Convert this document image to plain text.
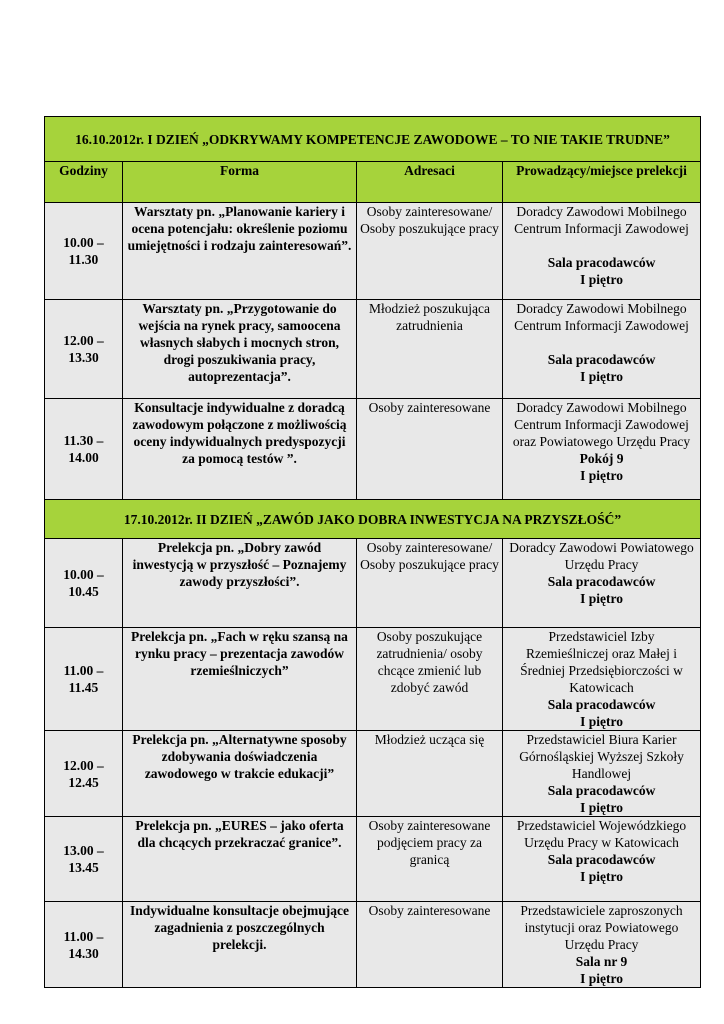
16.10.2012r. I DZIEŃ „ODKRYWAMY KOMPETENCJE ZAWODOWE – TO NIE TAKIE TRUDNE”			
Godziny	Forma	Adresaci	Prowadzący/miejsce prelekcji
10.00 – 11.30	Warsztaty pn. „Planowanie kariery i ocena potencjału: określenie poziomu umiejętności i rodzaju zainteresowań”.	Osoby zainteresowane/ Osoby poszukujące pracy	Doradcy Zawodowi Mobilnego Centrum Informacji Zawodowej
Sala pracodawców
I piętro

12.00 – 13.30	Warsztaty pn. „Przygotowanie do wejścia na rynek pracy, samoocena własnych słabych i mocnych stron, drogi poszukiwania pracy, autoprezentacja”.	Młodzież poszukująca zatrudnienia	Doradcy Zawodowi Mobilnego Centrum Informacji Zawodowej
Sala pracodawców
I piętro

11.30 – 14.00	Konsultacje indywidualne z doradcą zawodowym połączone z możliwością oceny indywidualnych predyspozycji za pomocą testów ”.	Osoby zainteresowane	Doradcy Zawodowi Mobilnego Centrum Informacji Zawodowej oraz Powiatowego Urzędu Pracy
Pokój 9
I piętro

17.10.2012r. II DZIEŃ „ZAWÓD JAKO DOBRA INWESTYCJA NA PRZYSZŁOŚĆ”			
10.00 – 10.45	Prelekcja pn. „Dobry zawód inwestycją w przyszłość – Poznajemy zawody przyszłości”.	Osoby zainteresowane/ Osoby poszukujące pracy	Doradcy Zawodowi Powiatowego Urzędu Pracy
Sala pracodawców
I piętro

11.00 – 11.45	Prelekcja pn. „Fach w ręku szansą na rynku pracy – prezentacja zawodów rzemieślniczych”	Osoby poszukujące zatrudnienia/ osoby chcące zmienić lub zdobyć zawód	Przedstawiciel Izby Rzemieślniczej oraz Małej i Średniej Przedsiębiorczości w Katowicach
Sala pracodawców
I piętro

12.00 – 12.45	Prelekcja pn. „Alternatywne sposoby zdobywania doświadczenia zawodowego w trakcie edukacji”	Młodzież ucząca się	Przedstawiciel Biura Karier Górnośląskiej Wyższej Szkoły Handlowej
Sala pracodawców
I piętro

13.00 – 13.45	Prelekcja pn. „EURES – jako oferta dla chcących przekraczać granice”.	Osoby zainteresowane podjęciem pracy za granicą	Przedstawiciel Wojewódzkiego Urzędu Pracy w Katowicach
Sala pracodawców
I piętro

11.00 – 14.30	Indywidualne konsultacje obejmujące zagadnienia z poszczególnych prelekcji.	Osoby zainteresowane	Przedstawiciele zaproszonych instytucji oraz Powiatowego Urzędu Pracy
Sala nr 9
I piętro
